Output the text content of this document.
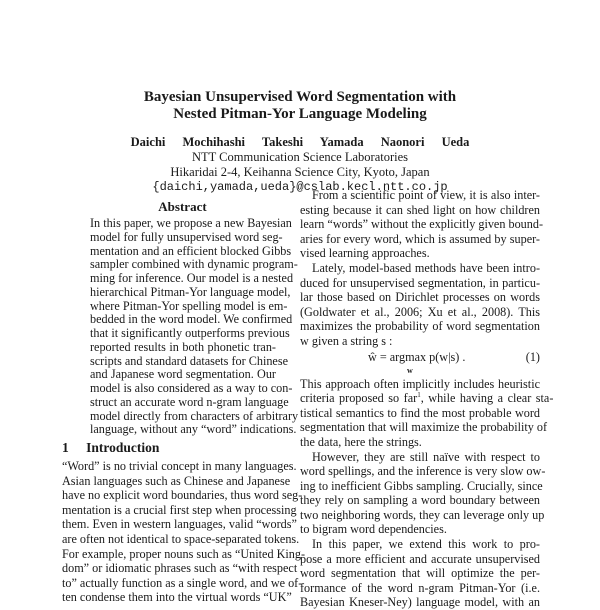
Bayesian Unsupervised Word Segmentation with
Nested Pitman-Yor Language Modeling
Daichi Mochihashi Takeshi Yamada Naonori Ueda
NTT Communication Science Laboratories
Hikaridai 2-4, Keihanna Science City, Kyoto, Japan
{daichi,yamada,ueda}@cslab.kecl.ntt.co.jp
Abstract
In this paper, we propose a new Bayesian
model for fully unsupervised word seg-
mentation and an efficient blocked Gibbs
sampler combined with dynamic program-
ming for inference. Our model is a nested
hierarchical Pitman-Yor language model,
where Pitman-Yor spelling model is em-
bedded in the word model. We confirmed
that it significantly outperforms previous
reported results in both phonetic tran-
scripts and standard datasets for Chinese
and Japanese word segmentation. Our
model is also considered as a way to con-
struct an accurate word n-gram language
model directly from characters of arbitrary
language, without any “word” indications.
1 Introduction
“Word” is no trivial concept in many languages.
Asian languages such as Chinese and Japanese
have no explicit word boundaries, thus word seg-
mentation is a crucial first step when processing
them. Even in western languages, valid “words”
are often not identical to space-separated tokens.
For example, proper nouns such as “United King-
dom” or idiomatic phrases such as “with respect
to” actually function as a single word, and we of-
ten condense them into the virtual words “UK”
From a scientific point of view, it is also inter-
esting because it can shed light on how children
learn “words” without the explicitly given bound-
aries for every word, which is assumed by super-
vised learning approaches.
Lately, model-based methods have been intro-
duced for unsupervised segmentation, in particu-
lar those based on Dirichlet processes on words
(Goldwater et al., 2006; Xu et al., 2008). This
maximizes the probability of word segmentation
w given a string s :
ŵ = argmax p(w|s) .
w
(1)
This approach often implicitly includes heuristic
criteria proposed so far$^1$, while having a clear sta-
tistical semantics to find the most probable word
segmentation that will maximize the probability of
the data, here the strings.
However, they are still naïve with respect to
word spellings, and the inference is very slow ow-
ing to inefficient Gibbs sampling. Crucially, since
they rely on sampling a word boundary between
two neighboring words, they can leverage only up
to bigram word dependencies.
In this paper, we extend this work to pro-
pose a more efficient and accurate unsupervised
word segmentation that will optimize the per-
formance of the word n-gram Pitman-Yor (i.e.
Bayesian Kneser-Ney) language model, with an
